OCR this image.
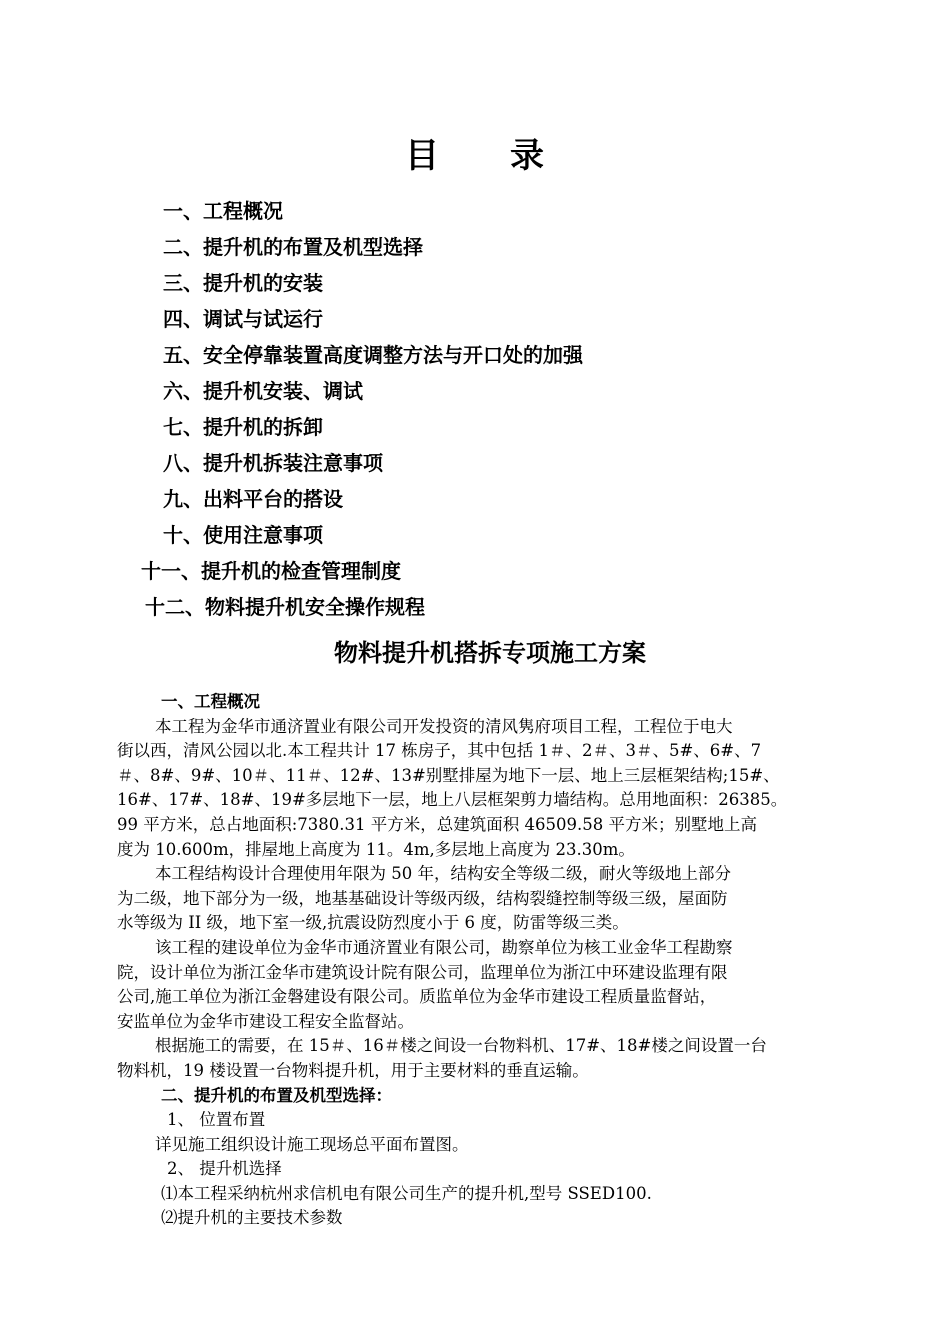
目 录
一、工程概况
二、提升机的布置及机型选择
三、提升机的安装
四、调试与试运行
五、安全停靠装置高度调整方法与开口处的加强
六、提升机安装、调试
七、提升机的拆卸
八、提升机拆装注意事项
九、出料平台的搭设
十、使用注意事项
十一、提升机的检查管理制度
十二、物料提升机安全操作规程
物料提升机搭拆专项施工方案
一、工程概况
本工程为金华市通济置业有限公司开发投资的清风隽府项目工程，工程位于电大
街以西，清风公园以北.本工程共计 17 栋房子，其中包括 1＃、2＃、3＃、5#、6#、7
＃、8#、9#、10＃、11＃、12#、13#别墅排屋为地下一层、地上三层框架结构;15#、
16#、17#、18#、19#多层地下一层，地上八层框架剪力墙结构。总用地面积：26385。
99 平方米，总占地面积:7380.31 平方米，总建筑面积 46509.58 平方米；别墅地上高
度为 10.600m，排屋地上高度为 11。4m,多层地上高度为 23.30m。
本工程结构设计合理使用年限为 50 年，结构安全等级二级，耐火等级地上部分
为二级，地下部分为一级，地基基础设计等级丙级，结构裂缝控制等级三级，屋面防
水等级为 II 级，地下室一级,抗震设防烈度小于 6 度，防雷等级三类。
该工程的建设单位为金华市通济置业有限公司，勘察单位为核工业金华工程勘察
院，设计单位为浙江金华市建筑设计院有限公司，监理单位为浙江中环建设监理有限
公司,施工单位为浙江金磐建设有限公司。质监单位为金华市建设工程质量监督站，
安监单位为金华市建设工程安全监督站。
根据施工的需要，在 15＃、16＃楼之间设一台物料机、17#、18#楼之间设置一台
物料机，19 楼设置一台物料提升机，用于主要材料的垂直运输。
二、提升机的布置及机型选择：
1、 位置布置
详见施工组织设计施工现场总平面布置图。
2、 提升机选择
⑴本工程采纳杭州求信机电有限公司生产的提升机,型号 SSED100.
⑵提升机的主要技术参数
